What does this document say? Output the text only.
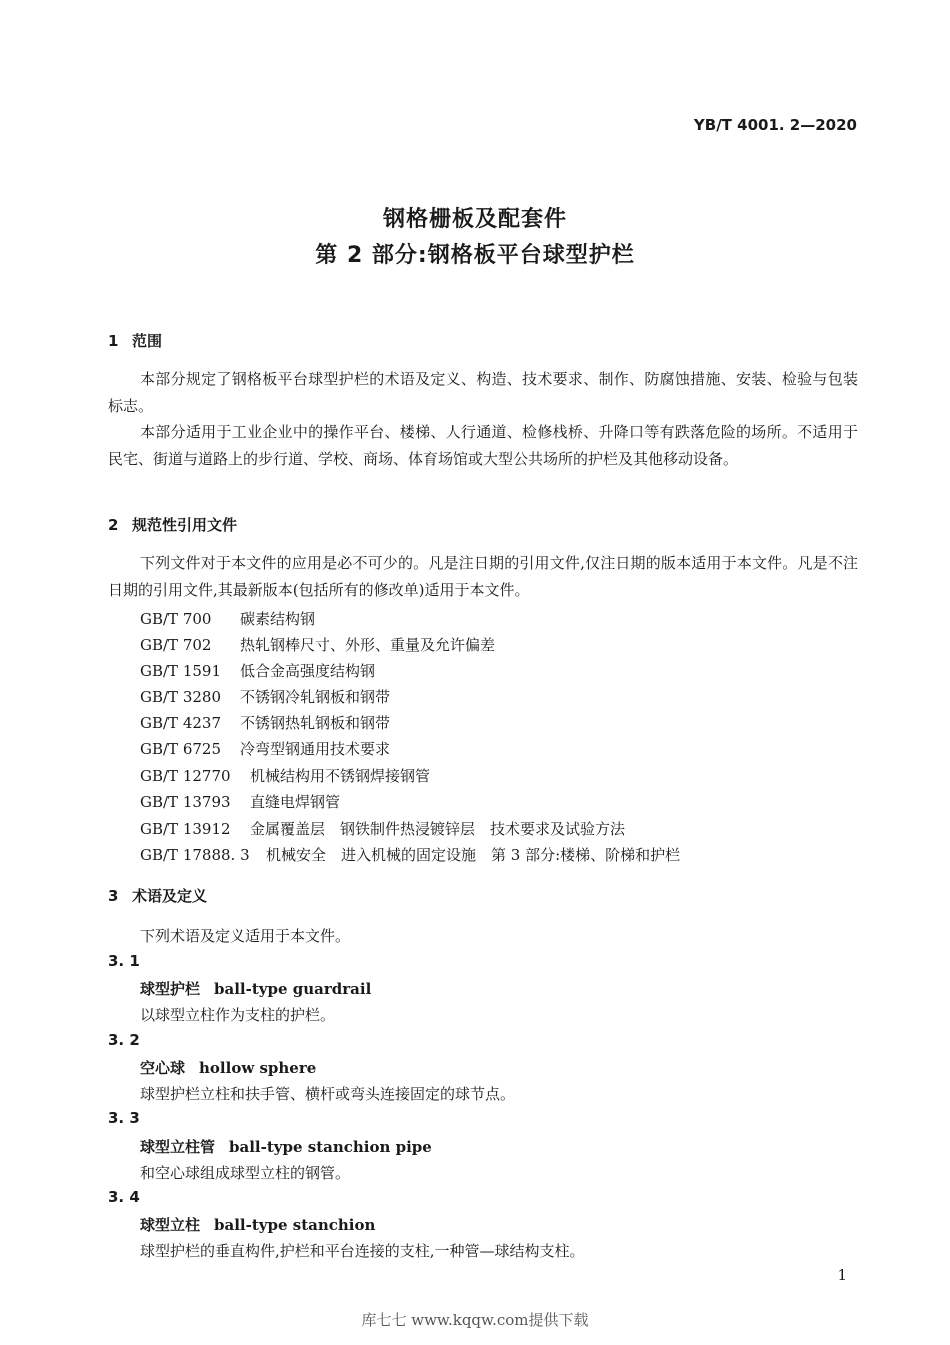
YB/T 4001. 2—2020
钢格栅板及配套件
第 2 部分:钢格板平台球型护栏
1 范围

本部分规定了钢格板平台球型护栏的术语及定义、构造、技术要求、制作、防腐蚀措施、安装、检验与包装标志。

本部分适用于工业企业中的操作平台、楼梯、人行通道、检修栈桥、升降口等有跌落危险的场所。不适用于民宅、街道与道路上的步行道、学校、商场、体育场馆或大型公共场所的护栏及其他移动设备。

2 规范性引用文件

下列文件对于本文件的应用是必不可少的。凡是注日期的引用文件,仅注日期的版本适用于本文件。凡是不注日期的引用文件,其最新版本(包括所有的修改单)适用于本文件。

GB/T 700 碳素结构钢
GB/T 702 热轧钢棒尺寸、外形、重量及允许偏差
GB/T 1591 低合金高强度结构钢
GB/T 3280 不锈钢冷轧钢板和钢带
GB/T 4237 不锈钢热轧钢板和钢带
GB/T 6725 冷弯型钢通用技术要求
GB/T 12770 机械结构用不锈钢焊接钢管
GB/T 13793 直缝电焊钢管
GB/T 13912 金属覆盖层　钢铁制件热浸镀锌层　技术要求及试验方法
GB/T 17888. 3 机械安全　进入机械的固定设施　第 3 部分:楼梯、阶梯和护栏
3 术语及定义
下列术语及定义适用于本文件。
3. 1
球型护栏 ball-type guardrail
以球型立柱作为支柱的护栏。
3. 2
空心球 hollow sphere
球型护栏立柱和扶手管、横杆或弯头连接固定的球节点。
3. 3
球型立柱管 ball-type stanchion pipe
和空心球组成球型立柱的钢管。
3. 4
球型立柱 ball-type stanchion
球型护栏的垂直构件,护栏和平台连接的支柱,一种管—球结构支柱。
1
库七七 www.kqqw.com提供下载
